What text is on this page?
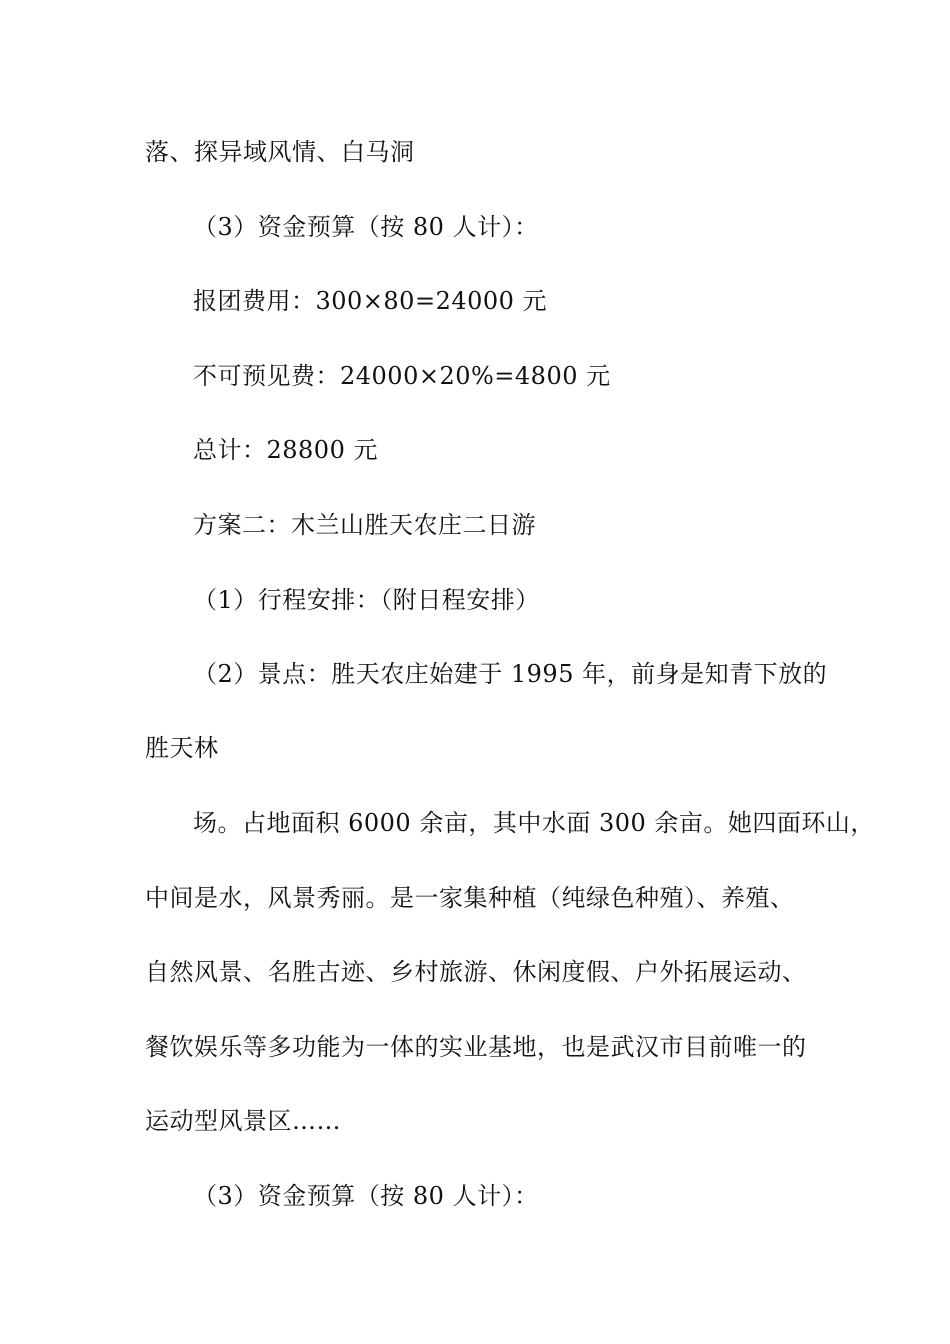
落、探异域风情、白马洞
（3）资金预算（按 80 人计）：
报团费用：300×80=24000 元
不可预见费：24000×20%=4800 元
总计：28800 元
方案二：木兰山胜天农庄二日游
（1）行程安排：（附日程安排）
（2）景点：胜天农庄始建于 1995 年，前身是知青下放的
胜天林
场。占地面积 6000 余亩，其中水面 300 余亩。她四面环山，
中间是水，风景秀丽。是一家集种植（纯绿色种殖）、养殖、
自然风景、名胜古迹、乡村旅游、休闲度假、户外拓展运动、
餐饮娱乐等多功能为一体的实业基地，也是武汉市目前唯一的
运动型风景区……
（3）资金预算（按 80 人计）：
